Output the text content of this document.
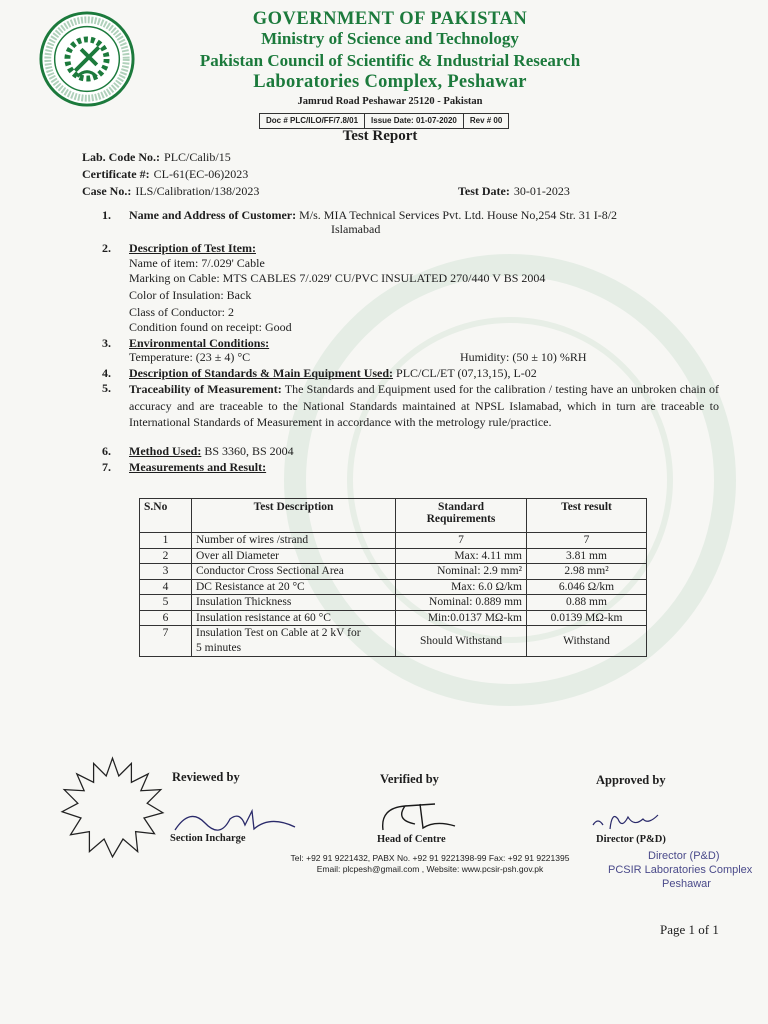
GOVERNMENT OF PAKISTAN
Ministry of Science and Technology
Pakistan Council of Scientific & Industrial Research
Laboratories Complex, Peshawar
Jamrud Road Peshawar 25120 - Pakistan
Doc # PLC/ILO/FF/7.8/01	Issue Date: 01-07-2020	Rev # 00
Test Report
Lab. Code No.: PLC/Calib/15
Certificate #: CL-61(EC-06)2023
Case No.: ILS/Calibration/138/2023	Test Date: 30-01-2023
1.	Name and Address of Customer: M/s. MIA Technical Services Pvt. Ltd. House No,254 Str. 31 I-8/2
Islamabad
2.	Description of Test Item:
Name of item: 7/.029' Cable
Marking on Cable: MTS CABLES 7/.029' CU/PVC INSULATED 270/440 V BS 2004
Color of Insulation: Back
Class of Conductor: 2
Condition found on receipt: Good
3.	Environmental Conditions:
Temperature: (23 ± 4) °C	Humidity: (50 ± 10) %RH
4.	Description of Standards & Main Equipment Used: PLC/CL/ET (07,13,15), L-02
5.	Traceability of Measurement: The Standards and Equipment used for the calibration / testing have an unbroken chain of accuracy and are traceable to the National Standards maintained at NPSL Islamabad, which in turn are traceable to International Standards of Measurement in accordance with the metrology rule/practice.
6.	Method Used: BS 3360, BS 2004
7.	Measurements and Result:
S.No	Test Description	Standard Requirements	Test result
1	Number of wires /strand	7	7
2	Over all Diameter	Max: 4.11 mm	3.81 mm
3	Conductor Cross Sectional Area	Nominal: 2.9 mm²	2.98 mm²
4	DC Resistance at 20 °C	Max: 6.0 Ω/km	6.046 Ω/km
5	Insulation Thickness	Nominal: 0.889 mm	0.88 mm
6	Insulation resistance at 60 °C	Min:0.0137 MΩ-km	0.0139 MΩ-km
7	Insulation Test on Cable at 2 kV for 5 minutes	Should Withstand	Withstand
Reviewed by	Verified by	Approved by
Section Incharge	Head of Centre	Director (P&D)
Director (P&D)
PCSIR Laboratories Complex
Peshawar
Tel: +92 91 9221432, PABX No. +92 91 9221398-99 Fax: +92 91 9221395
Email: plcpesh@gmail.com , Website: www.pcsir-psh.gov.pk
Page 1 of 1
